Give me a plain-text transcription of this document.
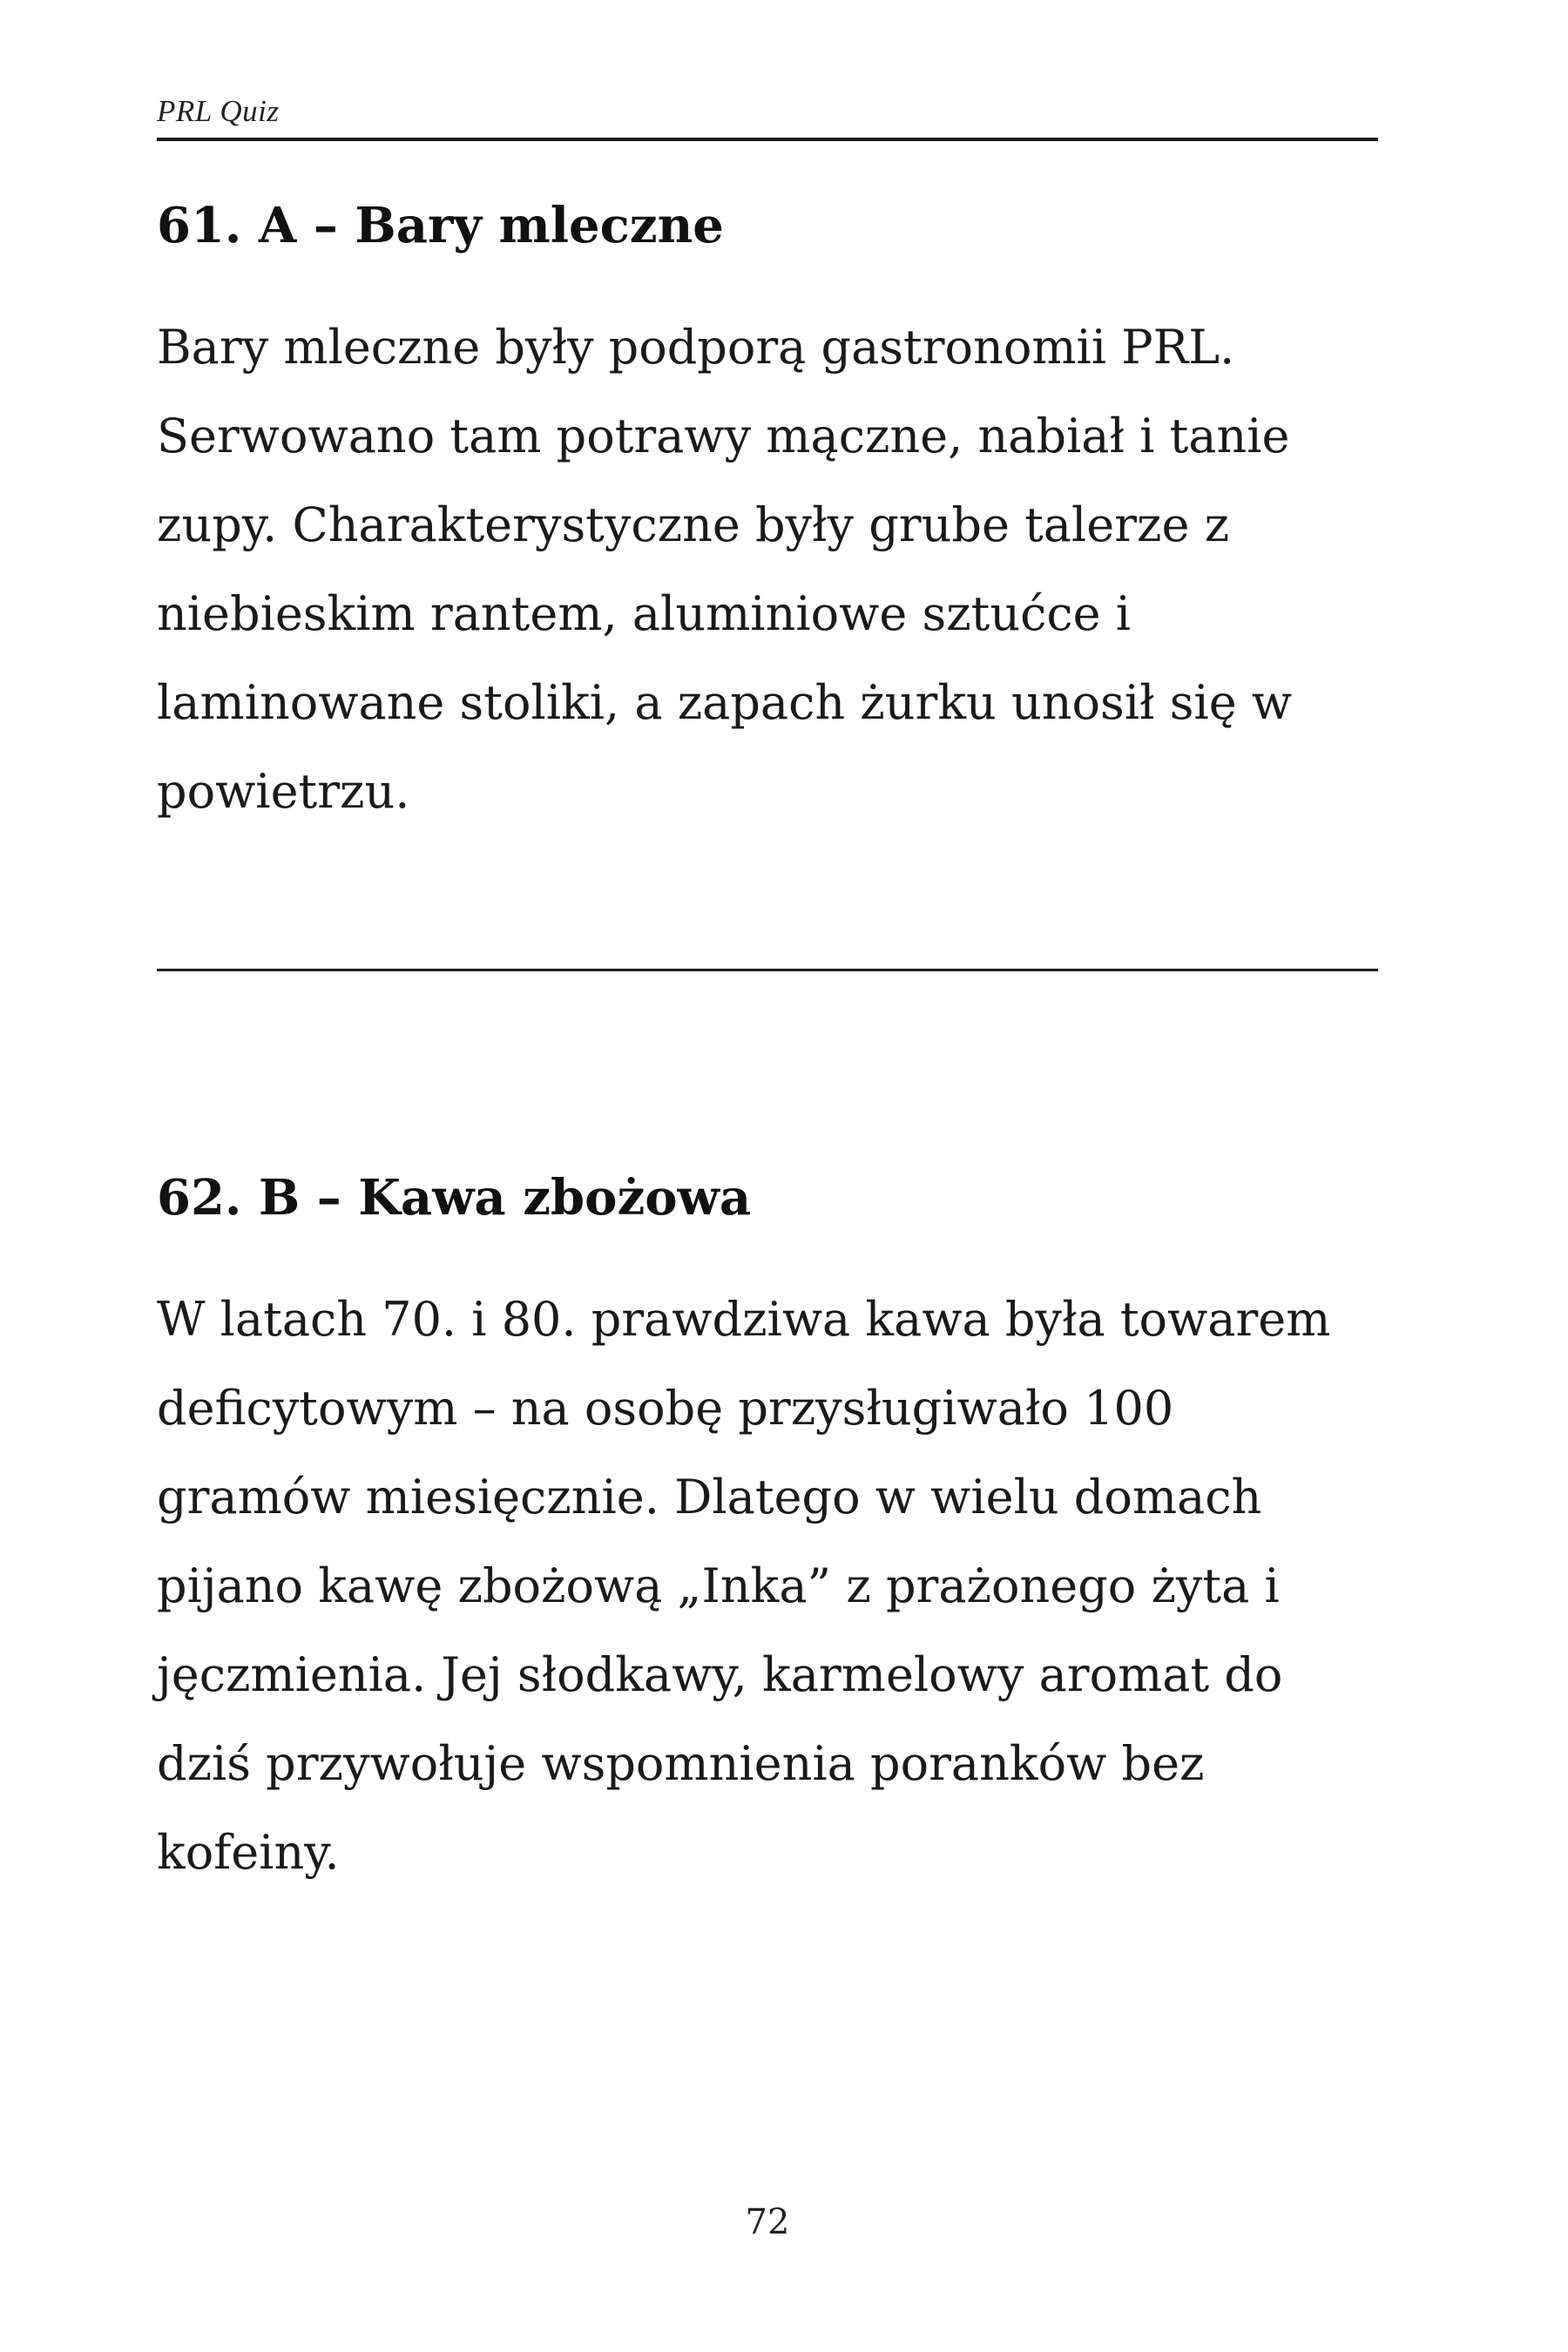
PRL Quiz
61. A – Bary mleczne
Bary mleczne były podporą gastronomii PRL.
Serwowano tam potrawy mączne, nabiał i tanie
zupy. Charakterystyczne były grube talerze z
niebieskim rantem, aluminiowe sztućce i
laminowane stoliki, a zapach żurku unosił się w
powietrzu.
62. B – Kawa zbożowa
W latach 70. i 80. prawdziwa kawa była towarem
deficytowym – na osobę przysługiwało 100
gramów miesięcznie. Dlatego w wielu domach
pijano kawę zbożową „Inka” z prażonego żyta i
jęczmienia. Jej słodkawy, karmelowy aromat do
dziś przywołuje wspomnienia poranków bez
kofeiny.
72
